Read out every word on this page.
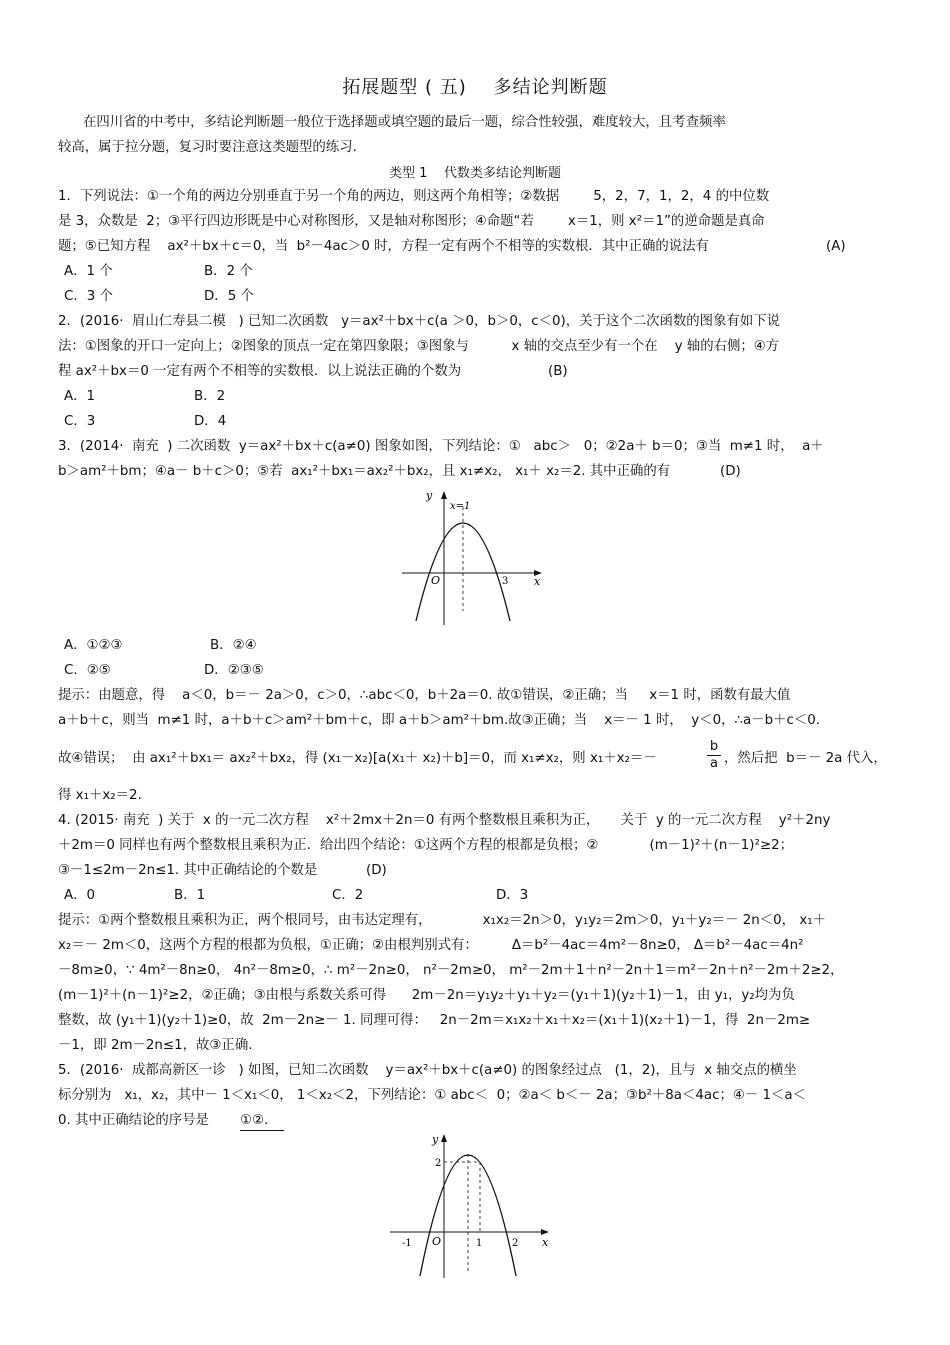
拓展题型 ( 五)    多结论判断题
在四川省的中考中，多结论判断题一般位于选择题或填空题的最后一题，综合性较强，难度较大，且考查频率
较高，属于拉分题，复习时要注意这类题型的练习.
类型 1    代数类多结论判断题
1．下列说法：①一个角的两边分别垂直于另一个角的两边，则这两个角相等；②数据        5，2，7，1，2，4 的中位数
是 3，众数是  2；③平行四边形既是中心对称图形，又是轴对称图形；④命题“若        x＝1，则 x²＝1”的逆命题是真命
题；⑤已知方程    ax²＋bx＋c＝0，当  b²－4ac＞0 时，方程一定有两个不相等的实数根．其中正确的说法有	(A)
A．1 个	B．2 个
C．3 个	D．5 个
2．(2016·  眉山仁寿县二模   ) 已知二次函数   y＝ax²＋bx＋c(a ＞0，b＞0，c＜0)，关于这个二次函数的图象有如下说
法：①图象的开口一定向上；②图象的顶点一定在第四象限；③图象与          x 轴的交点至少有一个在    y 轴的右侧；④方
程 ax²＋bx＝0 一定有两个不相等的实数根．以上说法正确的个数为	(B)
A．1	B．2
C．3	D．4
3．(2014·  南充  ) 二次函数  y＝ax²＋bx＋c(a≠0) 图象如图，下列结论：①   abc＞   0；②2a＋ b＝0；③当  m≠1 时，  a＋
b＞am²＋bm；④a－ b＋c＞0；⑤若  ax₁²＋bx₁＝ax₂²＋bx₂，且 x₁≠x₂， x₁＋ x₂＝2. 其中正确的有	(D)
y
x=1
O	3 x
A．①②③	B．②④
C．②⑤	D．②③⑤
提示：由题意，得    a＜0，b＝－ 2a＞0，c＞0，∴abc＜0，b＋2a＝0. 故①错误，②正确；当     x＝1 时，函数有最大值
a＋b＋c，则当  m≠1 时，a＋b＋c＞am²＋bm＋c，即 a＋b＞am²＋bm.故③正确；当    x＝－ 1 时，  y＜0，∴a－b＋c＜0.
故④错误；  由 ax₁²＋bx₁＝ ax₂²＋bx₂，得 (x₁－x₂)[a(x₁＋ x₂)＋b]＝0，而 x₁≠x₂，则 x₁＋x₂＝－	$\frac{b}{a}$ ，然后把  b＝－ 2a 代入，
得 x₁＋x₂＝2.
4. (2015· 南充  ) 关于  x 的一元二次方程    x²＋2mx＋2n＝0 有两个整数根且乘积为正，     关于  y 的一元二次方程    y²＋2ny
＋2m＝0 同样也有两个整数根且乘积为正．给出四个结论：①这两个方程的根都是负根；②            (m－1)²＋(n－1)²≥2；
③－1≤2m－2n≤1. 其中正确结论的个数是	(D)
A．0	B．1	C．2	D．3
提示：①两个整数根且乘积为正，两个根同号，由韦达定理有，            x₁x₂＝2n＞0，y₁y₂＝2m＞0，y₁＋y₂＝－ 2n＜0， x₁＋
x₂＝－ 2m＜0，这两个方程的根都为负根，①正确；②由根判别式有：        Δ＝b²－4ac＝4m²－8n≥0， Δ＝b²－4ac＝4n²
－8m≥0，∵ 4m²－8n≥0， 4n²－8m≥0，∴ m²－2n≥0， n²－2m≥0， m²－2m＋1＋n²－2n＋1＝m²－2n＋n²－2m＋2≥2，
(m－1)²＋(n－1)²≥2，②正确；③由根与系数关系可得      2m－2n＝y₁y₂＋y₁＋y₂＝(y₁＋1)(y₂＋1)－1，由 y₁，y₂均为负
整数，故 (y₁＋1)(y₂＋1)≥0，故  2m－2n≥－ 1. 同理可得：   2n－2m＝x₁x₂＋x₁＋x₂＝(x₁＋1)(x₂＋1)－1，得  2n－2m≥
－1，即 2m－2n≤1，故③正确.
5．(2016·  成都高新区一诊   ) 如图，已知二次函数    y＝ax²＋bx＋c(a≠0) 的图象经过点   (1，2)，且与  x 轴交点的横坐
标分别为   x₁，x₂，其中－ 1＜x₁＜0， 1＜x₂＜2，下列结论：① abc＜  0；②a＜ b＜－ 2a；③b²＋8a＜4ac；④－ 1＜a＜
0. 其中正确结论的序号是 ①②.
y
2
-1 O	1	2 x
